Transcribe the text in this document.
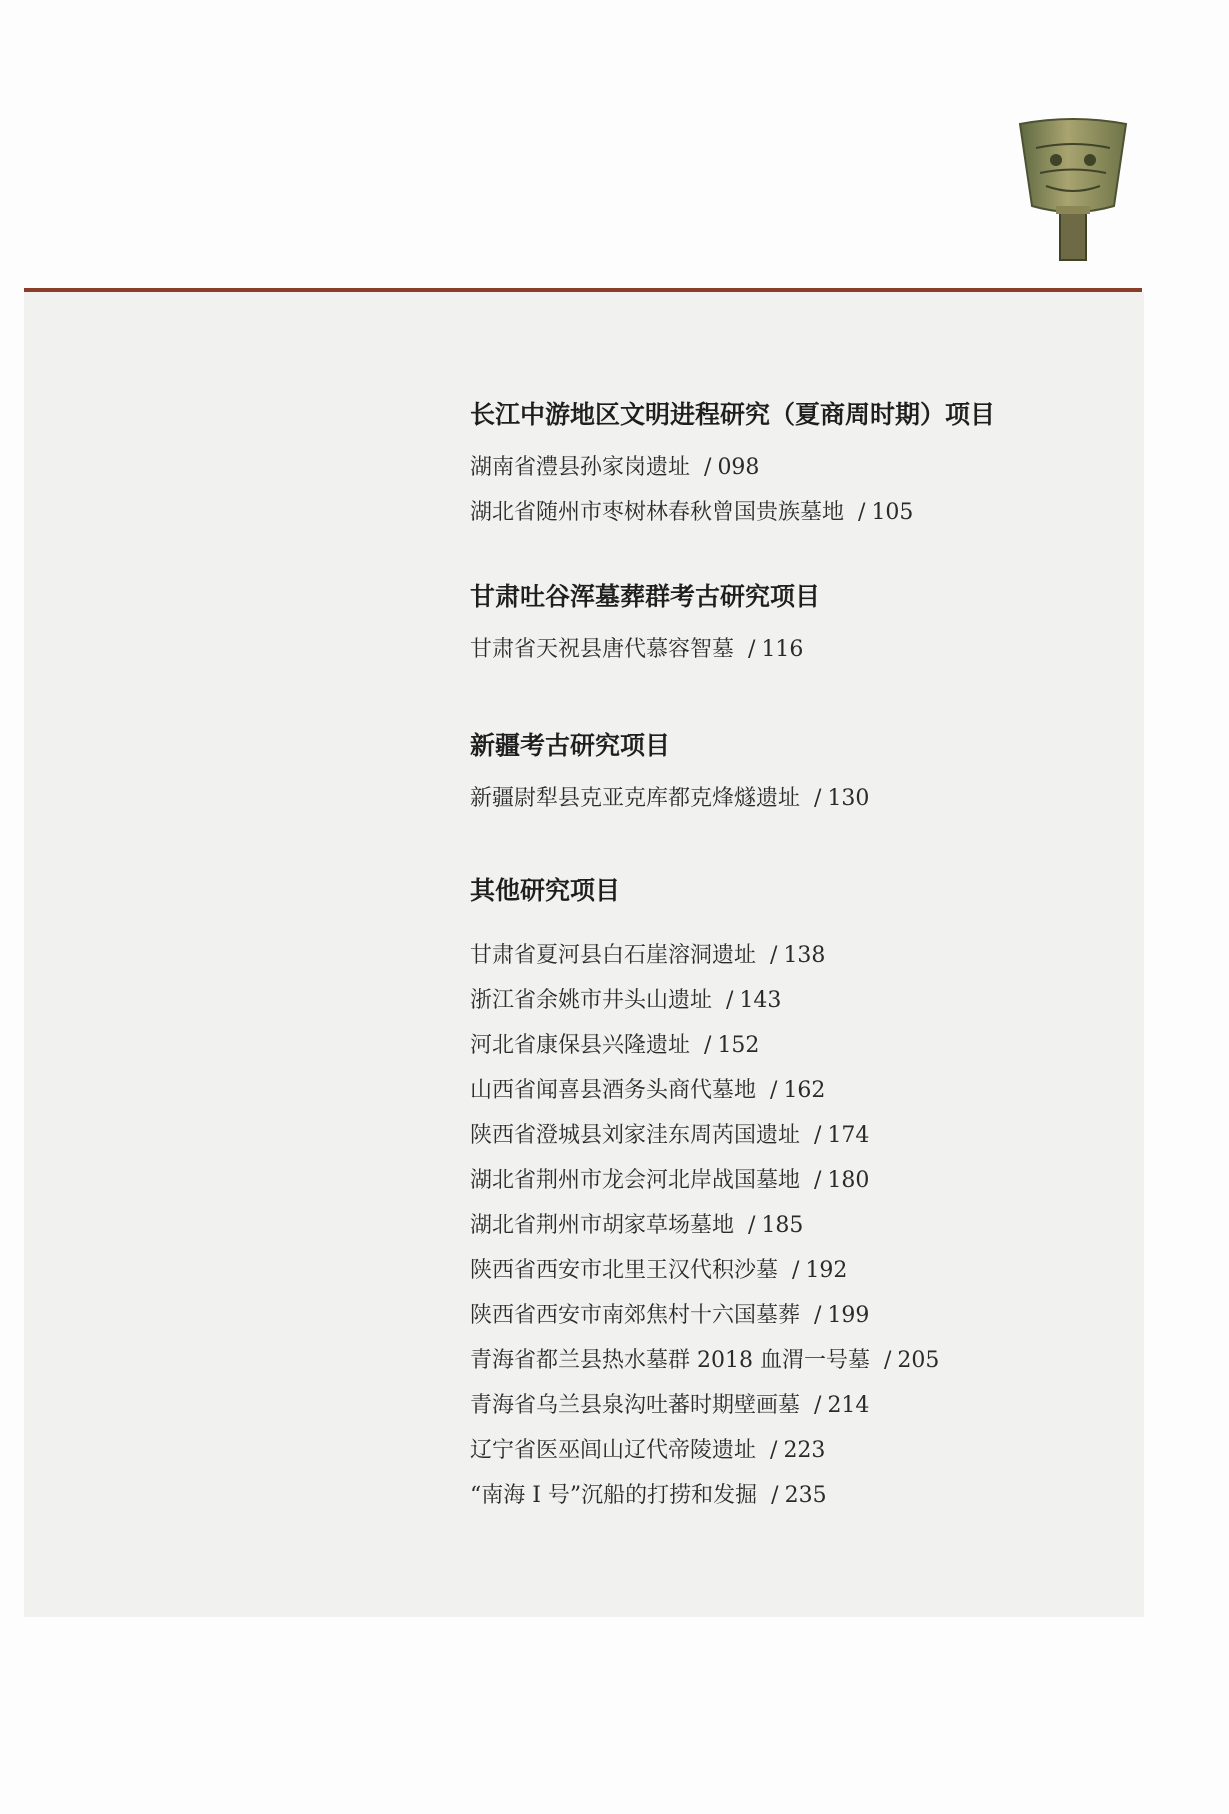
长江中游地区文明进程研究（夏商周时期）项目
湖南省澧县孙家岗遗址 / 098
湖北省随州市枣树林春秋曾国贵族墓地 / 105
甘肃吐谷浑墓葬群考古研究项目
甘肃省天祝县唐代慕容智墓 / 116
新疆考古研究项目
新疆尉犁县克亚克库都克烽燧遗址 / 130
其他研究项目
甘肃省夏河县白石崖溶洞遗址 / 138
浙江省余姚市井头山遗址 / 143
河北省康保县兴隆遗址 / 152
山西省闻喜县酒务头商代墓地 / 162
陕西省澄城县刘家洼东周芮国遗址 / 174
湖北省荆州市龙会河北岸战国墓地 / 180
湖北省荆州市胡家草场墓地 / 185
陕西省西安市北里王汉代积沙墓 / 192
陕西省西安市南郊焦村十六国墓葬 / 199
青海省都兰县热水墓群 2018 血渭一号墓 / 205
青海省乌兰县泉沟吐蕃时期壁画墓 / 214
辽宁省医巫闾山辽代帝陵遗址 / 223
“南海 I 号”沉船的打捞和发掘 / 235
